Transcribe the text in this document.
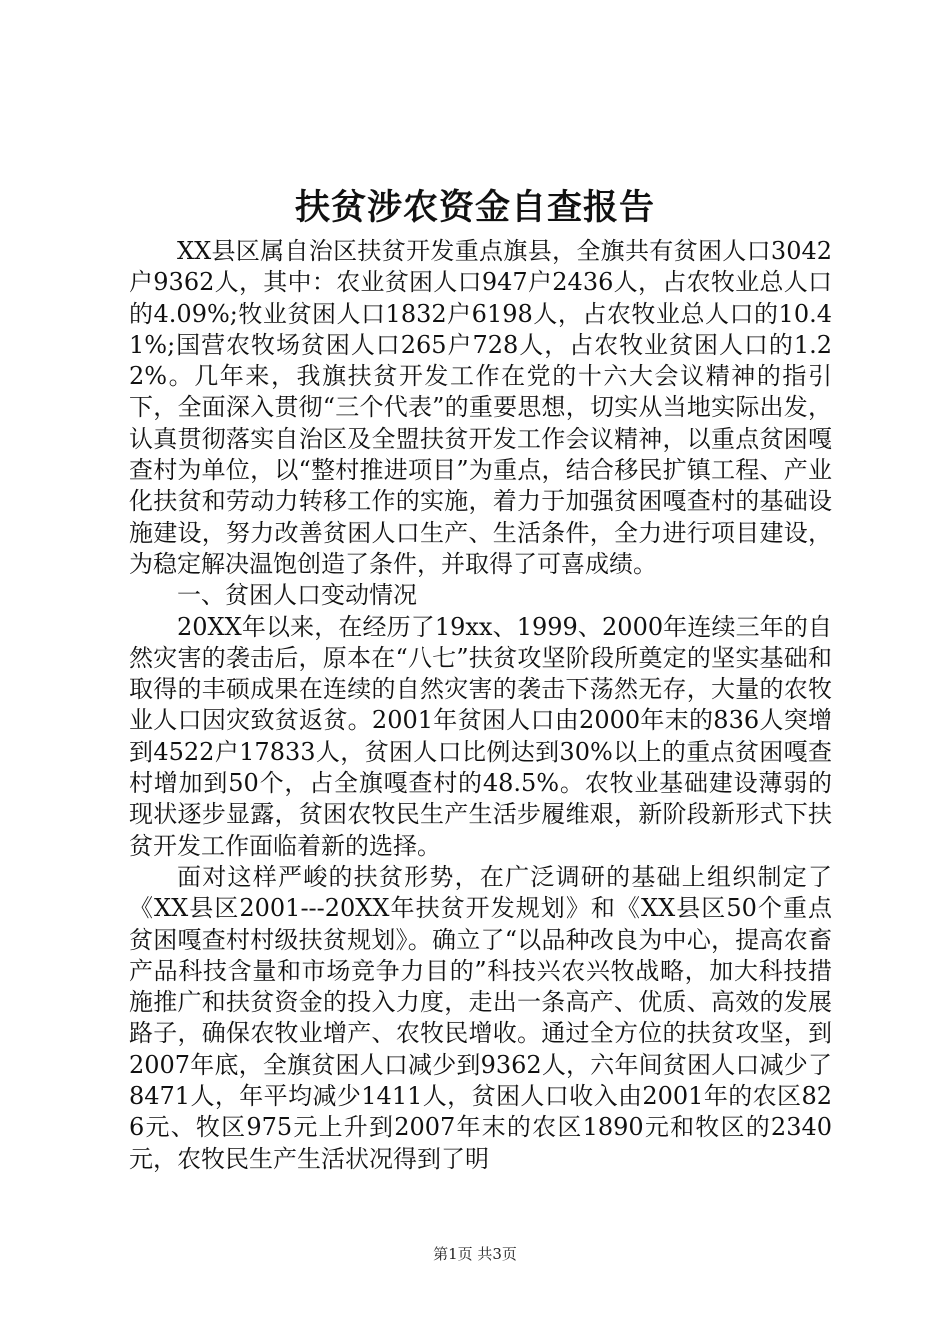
扶贫涉农资金自查报告

XX县区属自治区扶贫开发重点旗县，全旗共有贫困人口3042户9362人，其中：农业贫困人口947户2436人，占农牧业总人口的4.09%;牧业贫困人口1832户6198人，占农牧业总人口的10.41%;国营农牧场贫困人口265户728人，占农牧业贫困人口的1.22%。几年来，我旗扶贫开发工作在党的十六大会议精神的指引下，全面深入贯彻“三个代表”的重要思想，切实从当地实际出发，认真贯彻落实自治区及全盟扶贫开发工作会议精神，以重点贫困嘎查村为单位，以“整村推进项目”为重点，结合移民扩镇工程、产业化扶贫和劳动力转移工作的实施，着力于加强贫困嘎查村的基础设施建设，努力改善贫困人口生产、生活条件，全力进行项目建设，为稳定解决温饱创造了条件，并取得了可喜成绩。

一、贫困人口变动情况

20XX年以来，在经历了19xx、1999、2000年连续三年的自然灾害的袭击后，原本在“八七”扶贫攻坚阶段所奠定的坚实基础和取得的丰硕成果在连续的自然灾害的袭击下荡然无存，大量的农牧业人口因灾致贫返贫。2001年贫困人口由2000年末的836人突增到4522户17833人，贫困人口比例达到30%以上的重点贫困嘎查村增加到50个，占全旗嘎查村的48.5%。农牧业基础建设薄弱的现状逐步显露，贫困农牧民生产生活步履维艰，新阶段新形式下扶贫开发工作面临着新的选择。

面对这样严峻的扶贫形势，在广泛调研的基础上组织制定了《XX县区2001---20XX年扶贫开发规划》和《XX县区50个重点贫困嘎查村村级扶贫规划》。确立了“以品种改良为中心，提高农畜产品科技含量和市场竞争力目的”科技兴农兴牧战略，加大科技措施推广和扶贫资金的投入力度，走出一条高产、优质、高效的发展路子，确保农牧业增产、农牧民增收。通过全方位的扶贫攻坚，到2007年底，全旗贫困人口减少到9362人，六年间贫困人口减少了8471人，年平均减少1411人，贫困人口收入由2001年的农区826元、牧区975元上升到2007年末的农区1890元和牧区的2340元，农牧民生产生活状况得到了明

第1页 共3页
